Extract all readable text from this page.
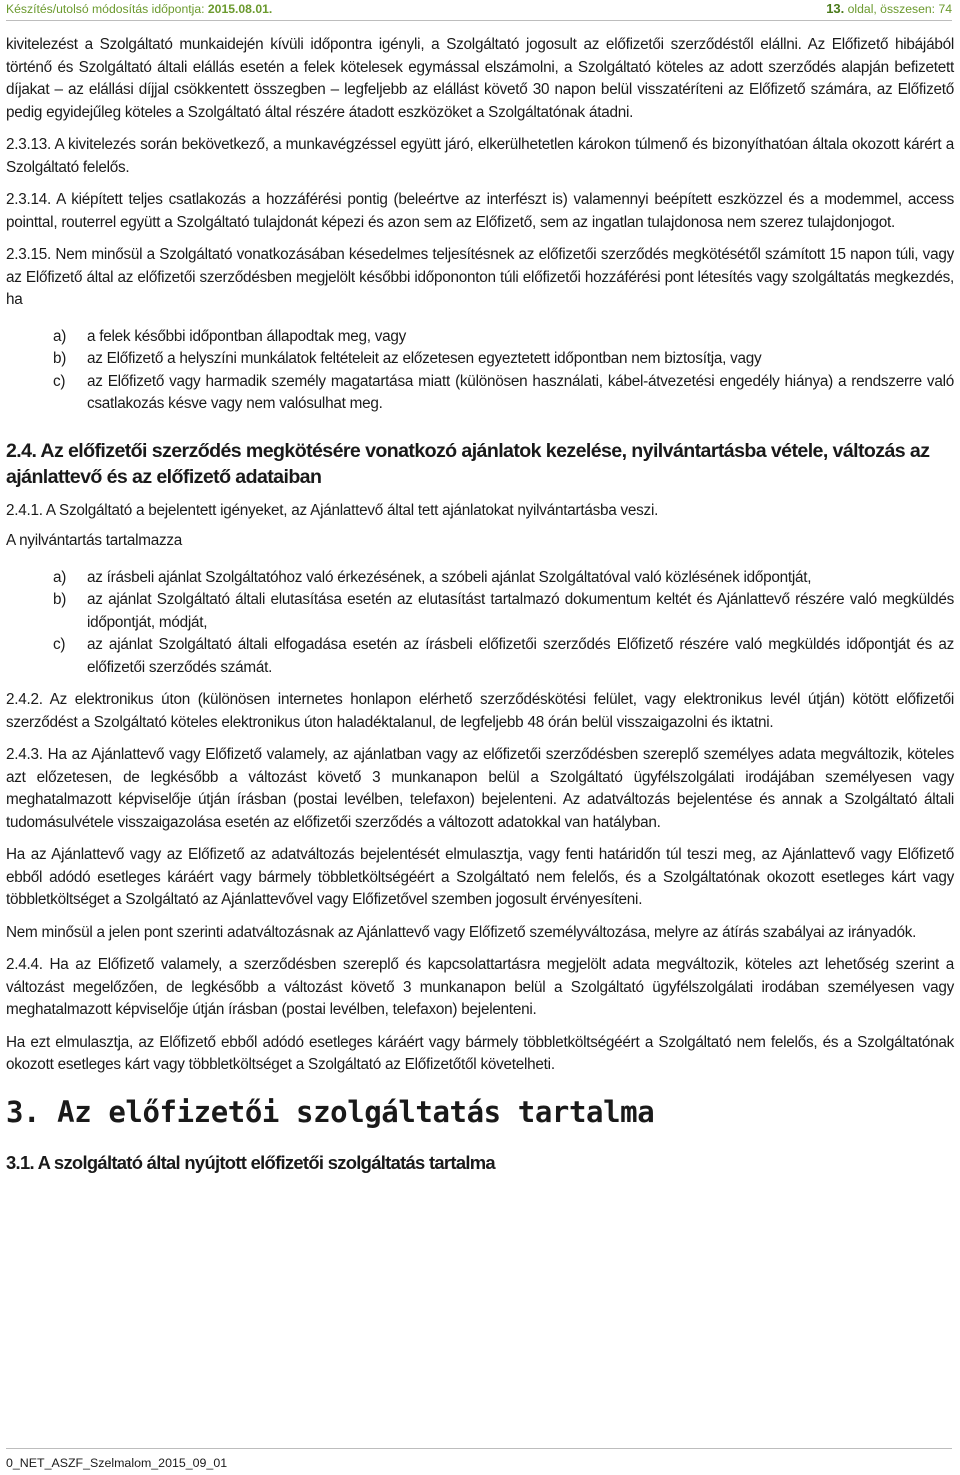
Készítés/utolsó módosítás időpontja: 2015.08.01.	13. oldal, összesen: 74

kivitelezést a Szolgáltató munkaidején kívüli időpontra igényli, a Szolgáltató jogosult az előfizetői szerződéstől elállni. Az Előfizető hibájából történő és Szolgáltató általi elállás esetén a felek kötelesek egymással elszámolni, a Szolgáltató köteles az adott szerződés alapján befizetett díjakat – az elállási díjjal csökkentett összegben – legfeljebb az elállást követő 30 napon belül visszatéríteni az Előfizető számára, az Előfizető pedig egyidejűleg köteles a Szolgáltató által részére átadott eszközöket a Szolgáltatónak átadni.

2.3.13. A kivitelezés során bekövetkező, a munkavégzéssel együtt járó, elkerülhetetlen károkon túlmenő és bizonyíthatóan általa okozott kárért a Szolgáltató felelős.

2.3.14. A kiépített teljes csatlakozás a hozzáférési pontig (beleértve az interfészt is) valamennyi beépített eszközzel és a modemmel, access pointtal, routerrel együtt a Szolgáltató tulajdonát képezi és azon sem az Előfizető, sem az ingatlan tulajdonosa nem szerez tulajdonjogot.

2.3.15. Nem minősül a Szolgáltató vonatkozásában késedelmes teljesítésnek az előfizetői szerződés megkötésétől számított 15 napon túli, vagy az Előfizető által az előfizetői szerződésben megjelölt későbbi időpononton túli előfizetői hozzáférési pont létesítés vagy szolgáltatás megkezdés, ha

a) a felek későbbi időpontban állapodtak meg, vagy
b) az Előfizető a helyszíni munkálatok feltételeit az előzetesen egyeztetett időpontban nem biztosítja, vagy
c) az Előfizető vagy harmadik személy magatartása miatt (különösen használati, kábel-átvezetési engedély hiánya) a rendszerre való csatlakozás késve vagy nem valósulhat meg.
2.4. Az előfizetői szerződés megkötésére vonatkozó ajánlatok kezelése, nyilvántartásba vétele, változás az ajánlattevő és az előfizető adataiban

2.4.1. A Szolgáltató a bejelentett igényeket, az Ajánlattevő által tett ajánlatokat nyilvántartásba veszi.

A nyilvántartás tartalmazza

a) az írásbeli ajánlat Szolgáltatóhoz való érkezésének, a szóbeli ajánlat Szolgáltatóval való közlésének időpontját,
b) az ajánlat Szolgáltató általi elutasítása esetén az elutasítást tartalmazó dokumentum keltét és Ajánlattevő részére való megküldés időpontját, módját,
c) az ajánlat Szolgáltató általi elfogadása esetén az írásbeli előfizetői szerződés Előfizető részére való megküldés időpontját és az előfizetői szerződés számát.

2.4.2. Az elektronikus úton (különösen internetes honlapon elérhető szerződéskötési felület, vagy elektronikus levél útján) kötött előfizetői szerződést a Szolgáltató köteles elektronikus úton haladéktalanul, de legfeljebb 48 órán belül visszaigazolni és iktatni.

2.4.3. Ha az Ajánlattevő vagy Előfizető valamely, az ajánlatban vagy az előfizetői szerződésben szereplő személyes adata megváltozik, köteles azt előzetesen, de legkésőbb a változást követő 3 munkanapon belül a Szolgáltató ügyfélszolgálati irodájában személyesen vagy meghatalmazott képviselője útján írásban (postai levélben, telefaxon) bejelenteni. Az adatváltozás bejelentése és annak a Szolgáltató általi tudomásulvétele visszaigazolása esetén az előfizetői szerződés a változott adatokkal van hatályban.

Ha az Ajánlattevő vagy az Előfizető az adatváltozás bejelentését elmulasztja, vagy fenti határidőn túl teszi meg, az Ajánlattevő vagy Előfizető ebből adódó esetleges káráért vagy bármely többletköltségéért a Szolgáltató nem felelős, és a Szolgáltatónak okozott esetleges kárt vagy többletköltséget a Szolgáltató az Ajánlattevővel vagy Előfizetővel szemben jogosult érvényesíteni.

Nem minősül a jelen pont szerinti adatváltozásnak az Ajánlattevő vagy Előfizető személyváltozása, melyre az átírás szabályai az irányadók.

2.4.4. Ha az Előfizető valamely, a szerződésben szereplő és kapcsolattartásra megjelölt adata megváltozik, köteles azt lehetőség szerint a változást megelőzően, de legkésőbb a változást követő 3 munkanapon belül a Szolgáltató ügyfélszolgálati irodában személyesen vagy meghatalmazott képviselője útján írásban (postai levélben, telefaxon) bejelenteni.

Ha ezt elmulasztja, az Előfizető ebből adódó esetleges káráért vagy bármely többletköltségéért a Szolgáltató nem felelős, és a Szolgáltatónak okozott esetleges kárt vagy többletköltséget a Szolgáltató az Előfizetőtől követelheti.

3. Az előfizetői szolgáltatás tartalma
3.1. A szolgáltató által nyújtott előfizetői szolgáltatás tartalma
0_NET_ASZF_Szelmalom_2015_09_01
